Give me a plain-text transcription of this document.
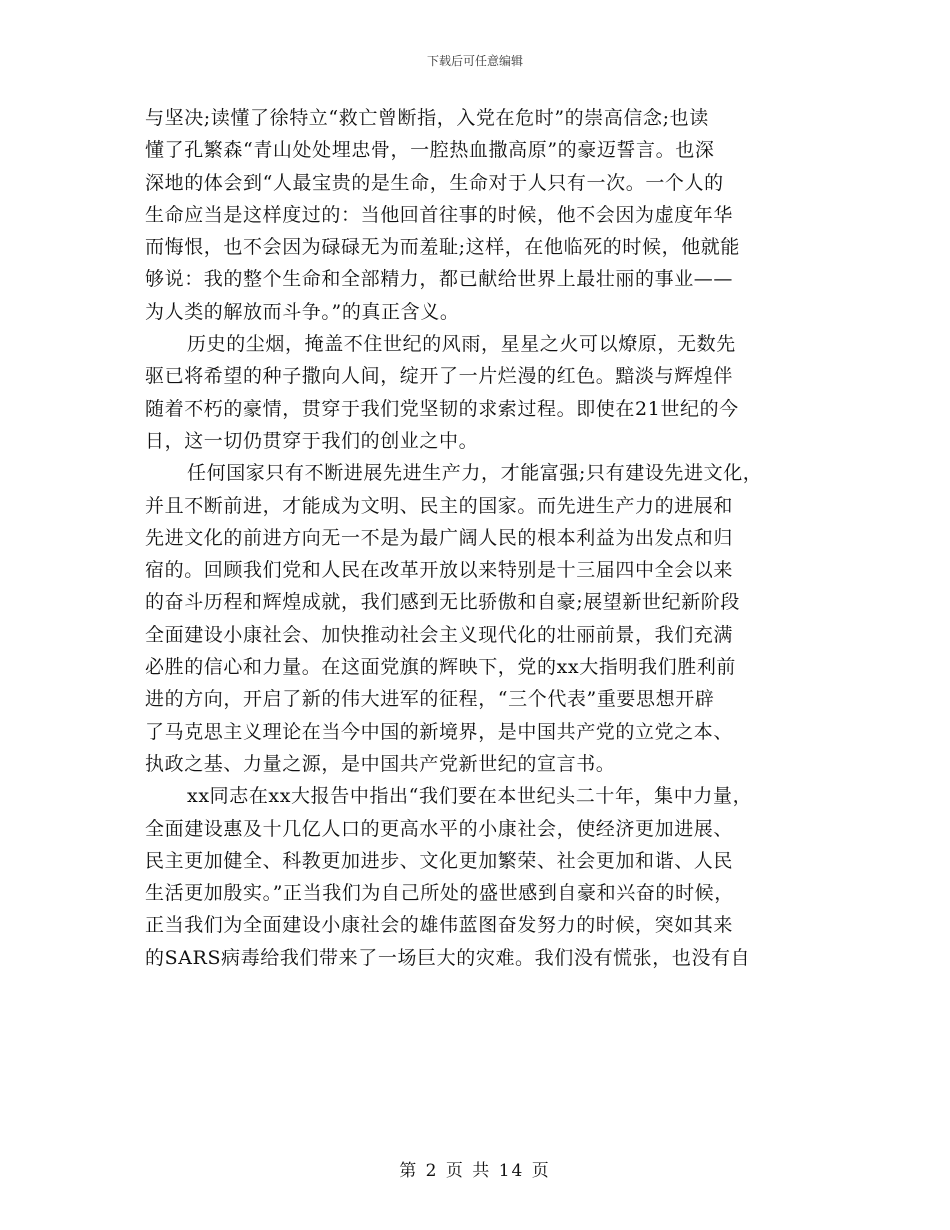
下载后可任意编辑
与坚决;读懂了徐特立“救亡曾断指，入党在危时”的崇高信念;也读
懂了孔繁森“青山处处埋忠骨，一腔热血撒高原”的豪迈誓言。也深
深地的体会到“人最宝贵的是生命，生命对于人只有一次。一个人的
生命应当是这样度过的：当他回首往事的时候，他不会因为虚度年华
而悔恨，也不会因为碌碌无为而羞耻;这样，在他临死的时候，他就能
够说：我的整个生命和全部精力，都已献给世界上最壮丽的事业——
为人类的解放而斗争。”的真正含义。
历史的尘烟，掩盖不住世纪的风雨，星星之火可以燎原，无数先
驱已将希望的种子撒向人间，绽开了一片烂漫的红色。黯淡与辉煌伴
随着不朽的豪情，贯穿于我们党坚韧的求索过程。即使在21世纪的今
日，这一切仍贯穿于我们的创业之中。
任何国家只有不断进展先进生产力，才能富强;只有建设先进文化，
并且不断前进，才能成为文明、民主的国家。而先进生产力的进展和
先进文化的前进方向无一不是为最广阔人民的根本利益为出发点和归
宿的。回顾我们党和人民在改革开放以来特别是十三届四中全会以来
的奋斗历程和辉煌成就，我们感到无比骄傲和自豪;展望新世纪新阶段
全面建设小康社会、加快推动社会主义现代化的壮丽前景，我们充满
必胜的信心和力量。在这面党旗的辉映下，党的xx大指明我们胜利前
进的方向，开启了新的伟大进军的征程，“三个代表”重要思想开辟
了马克思主义理论在当今中国的新境界，是中国共产党的立党之本、
执政之基、力量之源，是中国共产党新世纪的宣言书。
xx同志在xx大报告中指出“我们要在本世纪头二十年，集中力量，
全面建设惠及十几亿人口的更高水平的小康社会，使经济更加进展、
民主更加健全、科教更加进步、文化更加繁荣、社会更加和谐、人民
生活更加殷实。”正当我们为自己所处的盛世感到自豪和兴奋的时候，
正当我们为全面建设小康社会的雄伟蓝图奋发努力的时候，突如其来
的SARS病毒给我们带来了一场巨大的灾难。我们没有慌张，也没有自
第 2 页 共 14 页
